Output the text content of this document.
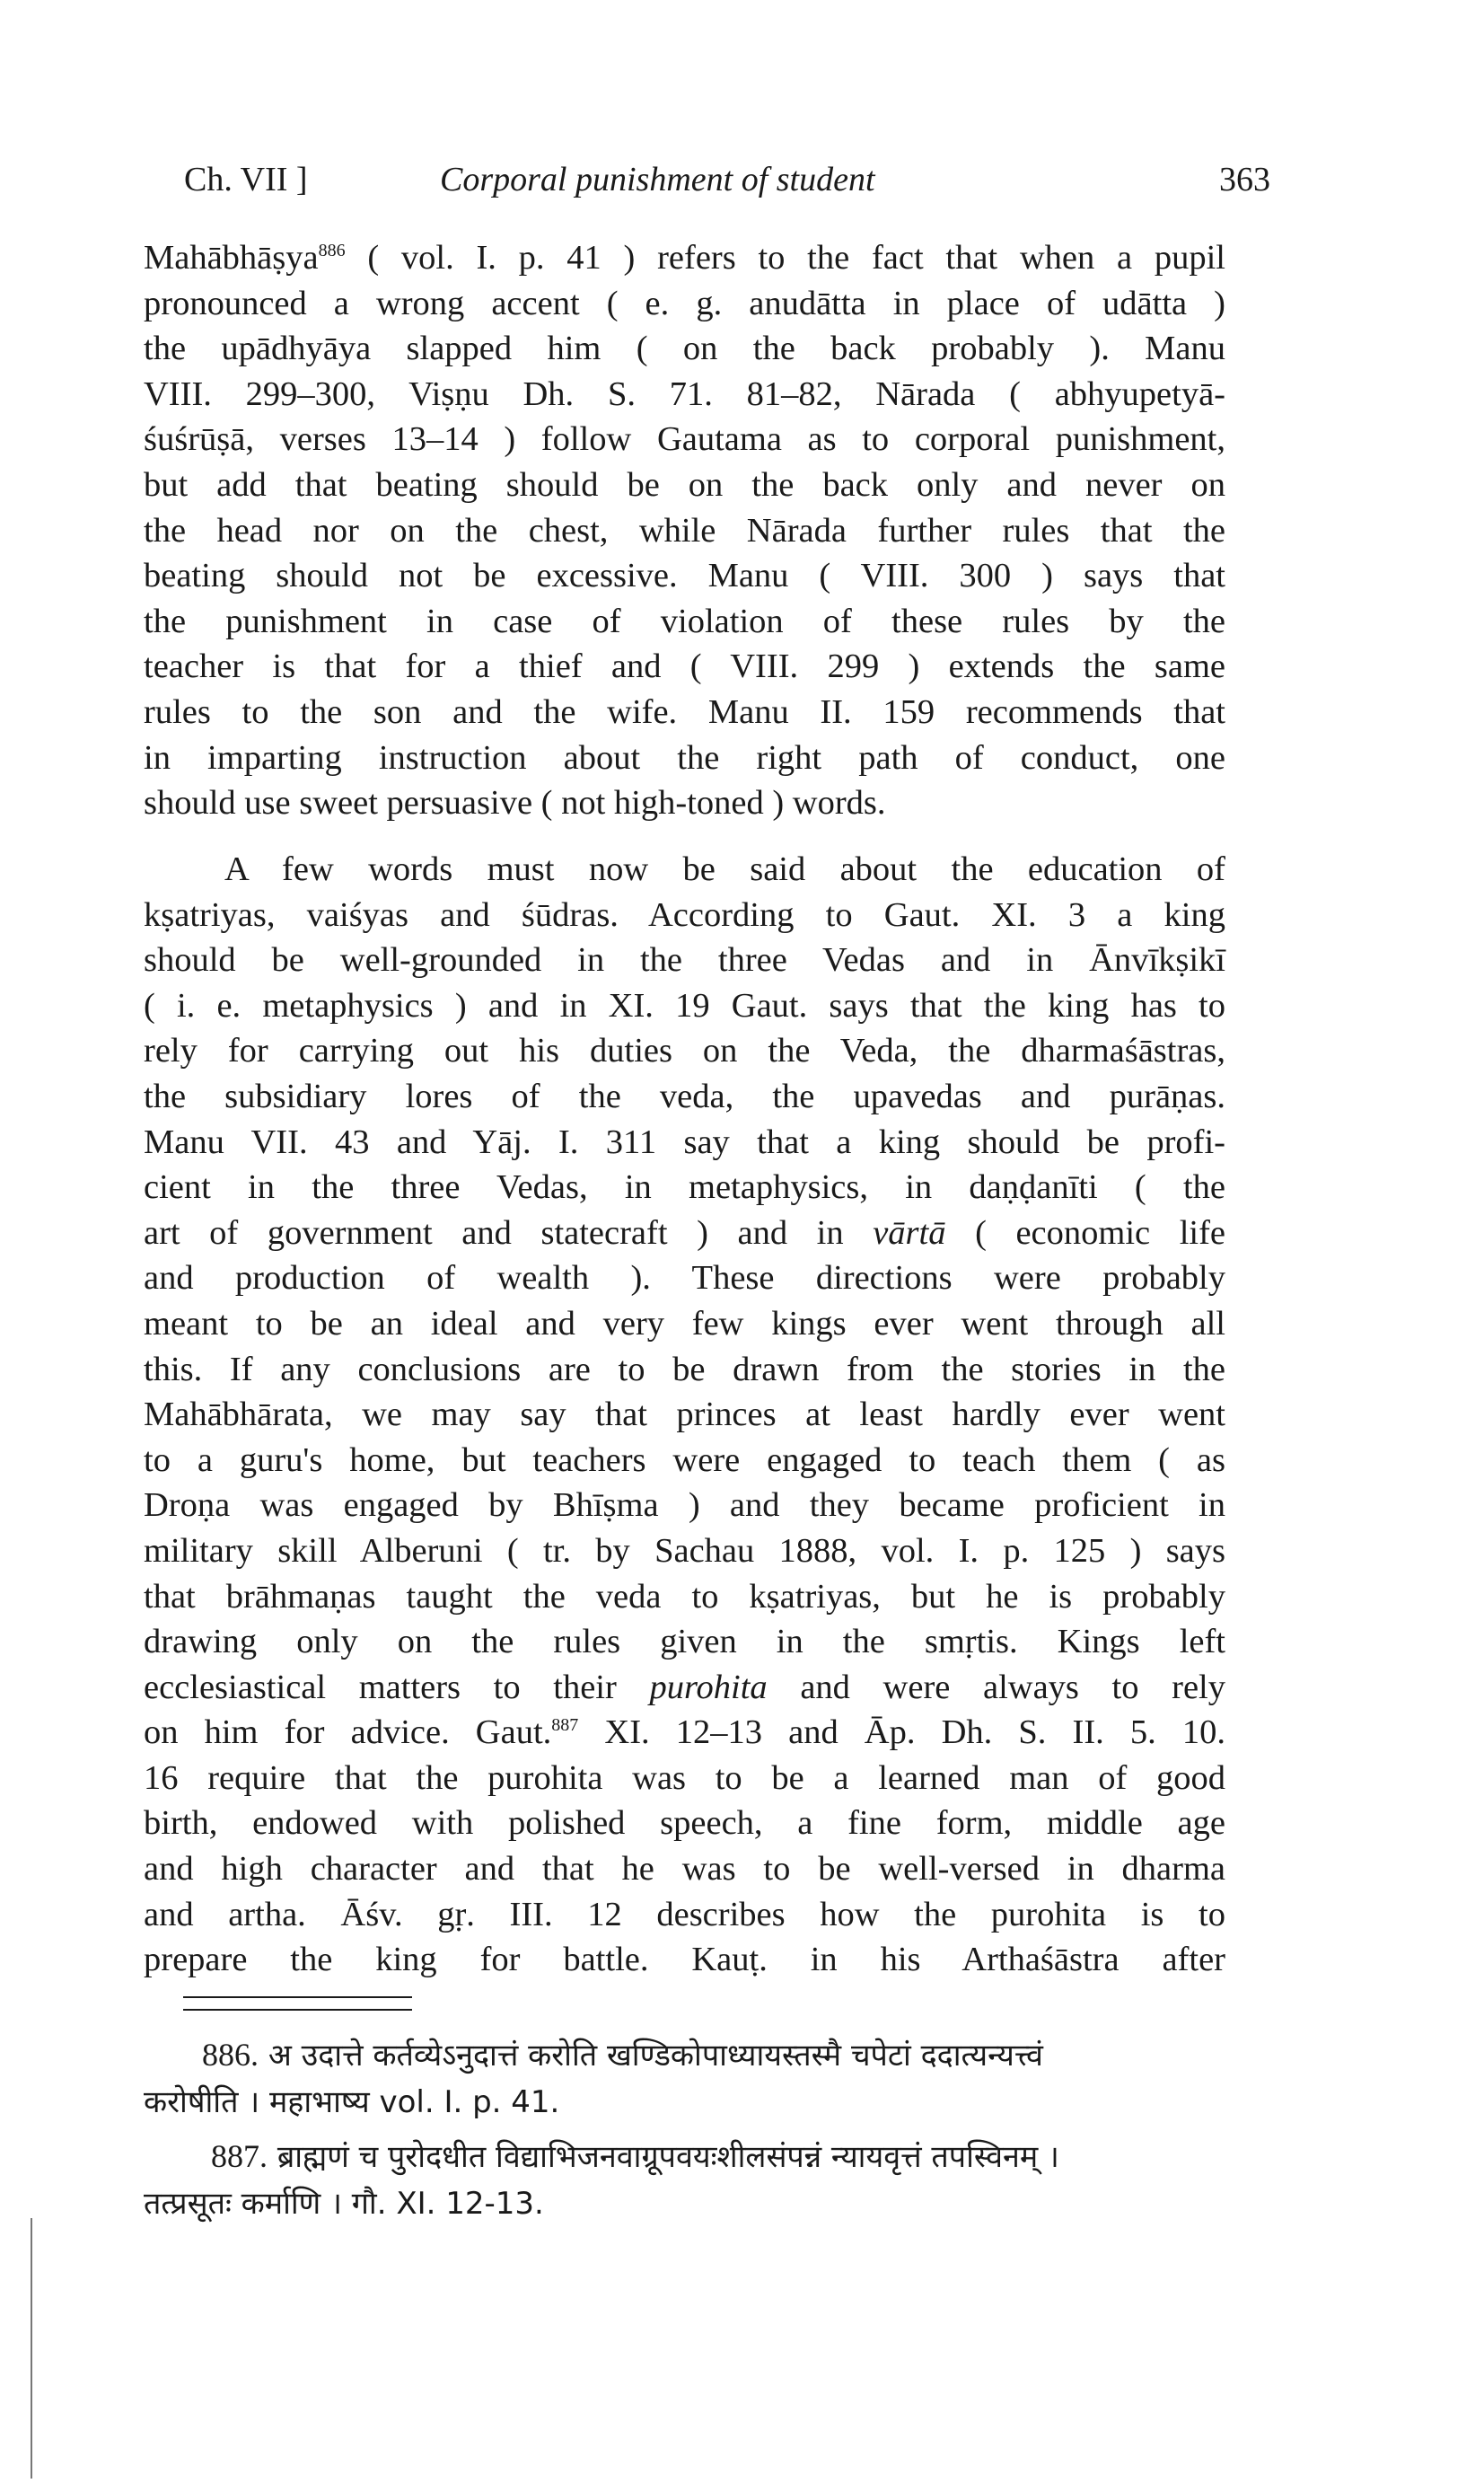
Ch. VII ]	Corporal punishment of student	363
Mahābhāṣya$^{886}$ ( vol. I. p. 41 ) refers to the fact that when a pupil
pronounced a wrong accent ( e. g. anudātta in place of udātta )
the upādhyāya slapped him ( on the back probably ). Manu
VIII. 299–300, Viṣṇu Dh. S. 71. 81–82, Nārada ( abhyupetyā-
śuśrūṣā, verses 13–14 ) follow Gautama as to corporal punishment,
but add that beating should be on the back only and never on
the head nor on the chest, while Nārada further rules that the
beating should not be excessive. Manu ( VIII. 300 ) says that
the punishment in case of violation of these rules by the
teacher is that for a thief and ( VIII. 299 ) extends the same
rules to the son and the wife. Manu II. 159 recommends that
in imparting instruction about the right path of conduct, one
should use sweet persuasive ( not high-toned ) words.
A few words must now be said about the education of
kṣatriyas, vaiśyas and śūdras. According to Gaut. XI. 3 a king
should be well-grounded in the three Vedas and in Ānvīkṣikī
( i. e. metaphysics ) and in XI. 19 Gaut. says that the king has to
rely for carrying out his duties on the Veda, the dharmaśāstras,
the subsidiary lores of the veda, the upavedas and purāṇas.
Manu VII. 43 and Yāj. I. 311 say that a king should be profi-
cient in the three Vedas, in metaphysics, in daṇḍanīti ( the
art of government and statecraft ) and in vārtā ( economic life
and production of wealth ). These directions were probably
meant to be an ideal and very few kings ever went through all
this. If any conclusions are to be drawn from the stories in the
Mahābhārata, we may say that princes at least hardly ever went
to a guru's home, but teachers were engaged to teach them ( as
Droṇa was engaged by Bhīṣma ) and they became proficient in
military skill Alberuni ( tr. by Sachau 1888, vol. I. p. 125 ) says
that brāhmaṇas taught the veda to kṣatriyas, but he is probably
drawing only on the rules given in the smṛtis. Kings left
ecclesiastical matters to their purohita and were always to rely
on him for advice. Gaut.$^{887}$ XI. 12–13 and Āp. Dh. S. II. 5. 10.
16 require that the purohita was to be a learned man of good
birth, endowed with polished speech, a fine form, middle age
and high character and that he was to be well-versed in dharma
and artha. Āśv. gṛ. III. 12 describes how the purohita is to
prepare the king for battle. Kauṭ. in his Arthaśāstra after
886. अ उदात्ते कर्तव्येऽनुदात्तं करोति खण्डिकोपाध्यायस्तस्मै चपेटां ददात्यन्यत्त्वं
करोषीति । महाभाष्य vol. I. p. 41.
887. ब्राह्मणं च पुरोदधीत विद्याभिजनवाग्रूपवयःशीलसंपन्नं न्यायवृत्तं तपस्विनम् ।
तत्प्रसूतः कर्माणि । गौ. XI. 12-13.
